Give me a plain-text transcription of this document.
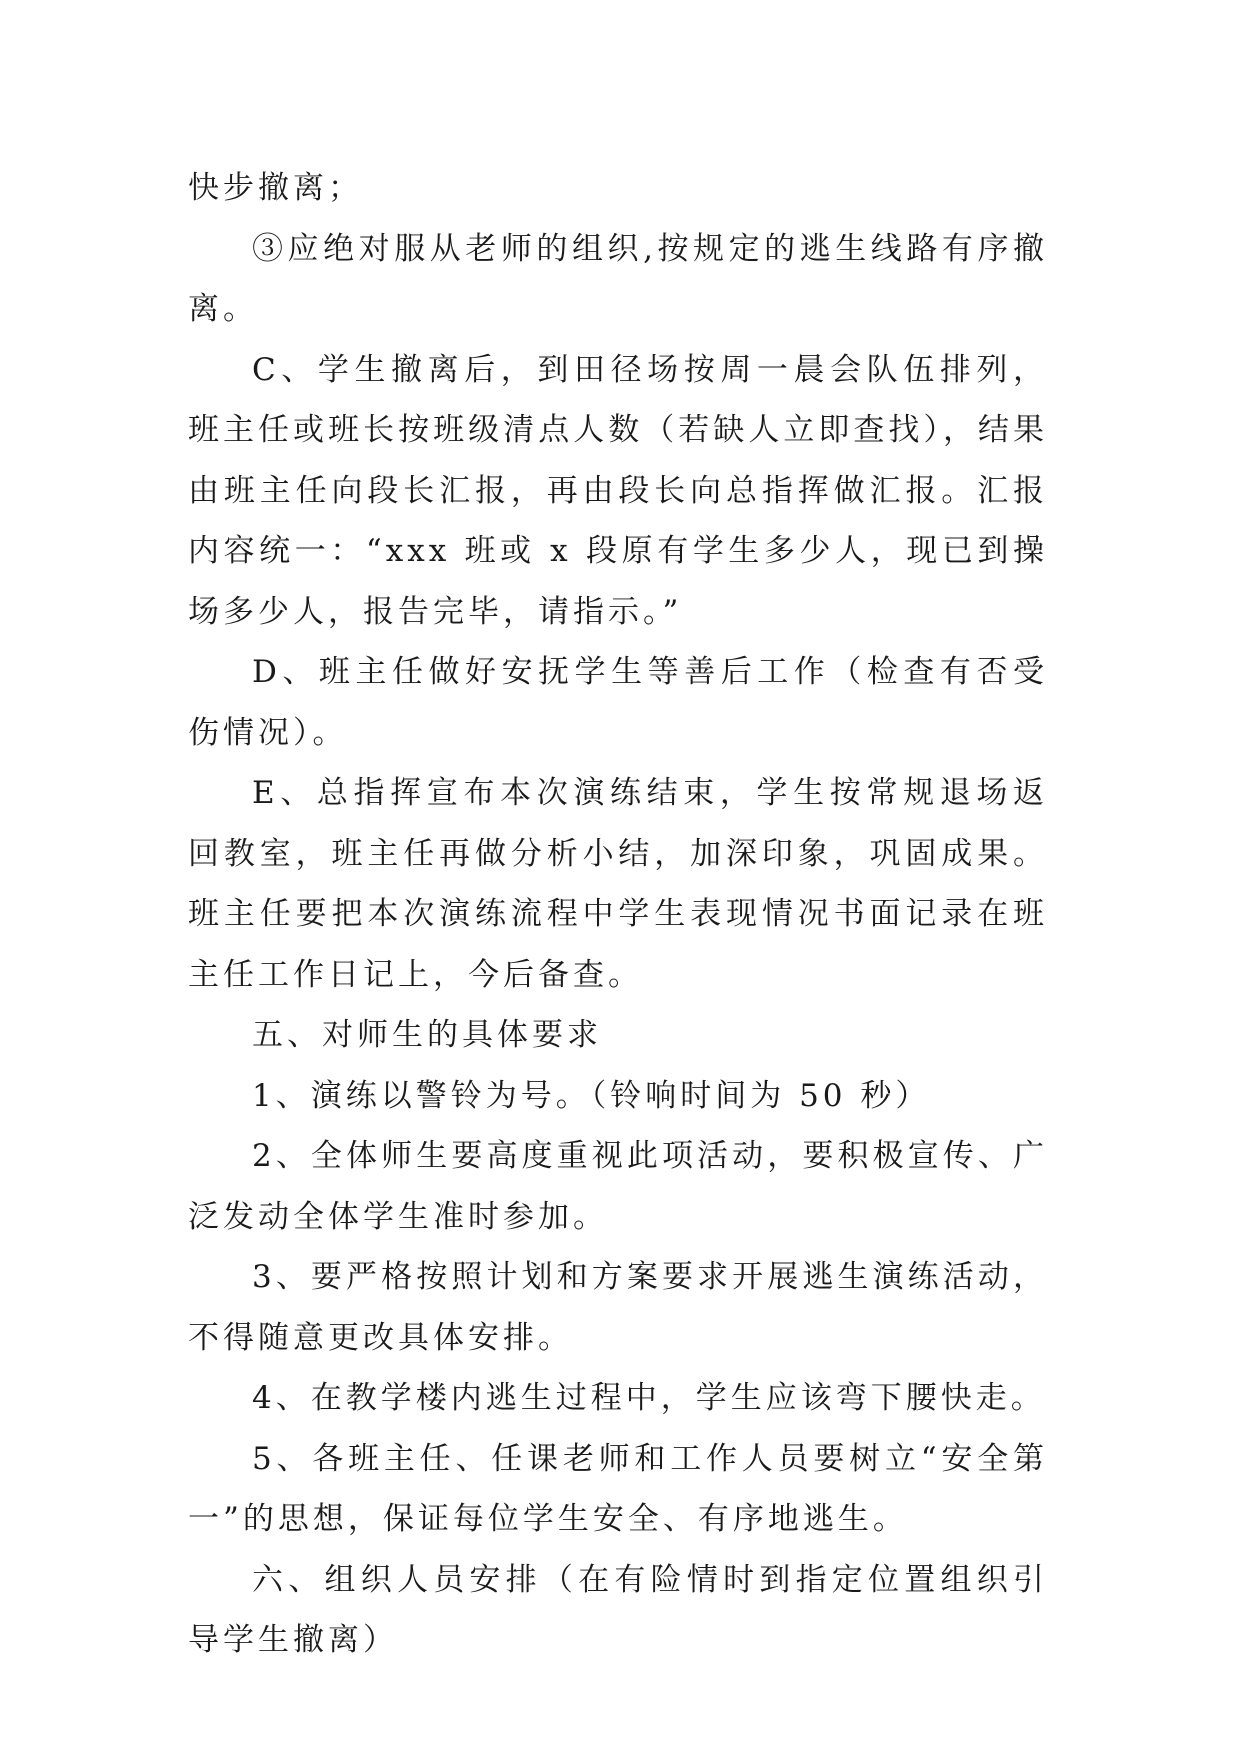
快步撤离；

③应绝对服从老师的组织,按规定的逃生线路有序撤离。

C、学生撤离后，到田径场按周一晨会队伍排列，班主任或班长按班级清点人数（若缺人立即查找），结果由班主任向段长汇报，再由段长向总指挥做汇报。汇报内容统一：“xxx 班或 x 段原有学生多少人，现已到操场多少人，报告完毕，请指示。”

D、班主任做好安抚学生等善后工作（检查有否受伤情况）。

E、总指挥宣布本次演练结束，学生按常规退场返回教室，班主任再做分析小结，加深印象，巩固成果。班主任要把本次演练流程中学生表现情况书面记录在班主任工作日记上，今后备查。

五、对师生的具体要求

1、演练以警铃为号。（铃响时间为 50 秒）

2、全体师生要高度重视此项活动，要积极宣传、广泛发动全体学生准时参加。

3、要严格按照计划和方案要求开展逃生演练活动，不得随意更改具体安排。

4、在教学楼内逃生过程中，学生应该弯下腰快走。

5、各班主任、任课老师和工作人员要树立“安全第一”的思想，保证每位学生安全、有序地逃生。

六、组织人员安排（在有险情时到指定位置组织引导学生撤离）
